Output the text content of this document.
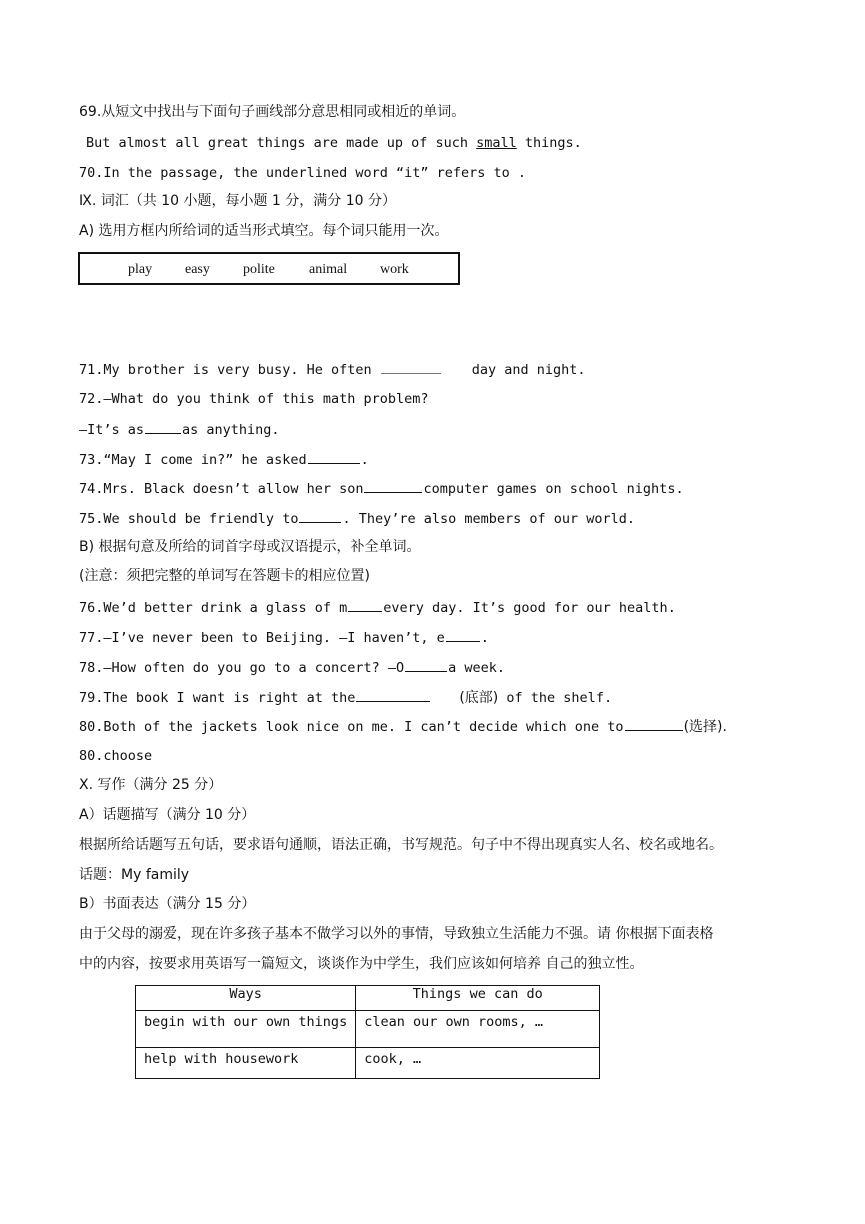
69.从短文中找出与下面句子画线部分意思相同或相近的单词。
But almost all great things are made up of such small things.
70.In the passage, the underlined word “it” refers to .
Ⅸ. 词汇（共 10 小题，每小题 1 分，满分 10 分）
A) 选用方框内所给词的适当形式填空。每个词只能用一次。
play easy polite animal work
71.My brother is very busy. He often	day and night.
72.—What do you think of this math problem?
—It’s as	as anything.
73.“May I come in?” he asked	.
74.Mrs. Black doesn’t allow her son	computer games on school nights.
75.We should be friendly to	. They’re also members of our world.
B) 根据句意及所给的词首字母或汉语提示，补全单词。
(注意：须把完整的单词写在答题卡的相应位置)
76.We’d better drink a glass of m	every day. It’s good for our health.
77.—I’ve never been to Beijing. —I haven’t, e	.
78.—How often do you go to a concert? —O	a week.
79.The book I want is right at the	(底部) of the shelf.
80.Both of the jackets look nice on me. I can’t decide which one to	(选择).
80.choose
Ⅹ. 写作（满分 25 分）
A）话题描写（满分 10 分）
根据所给话题写五句话，要求语句通顺，语法正确，书写规范。句子中不得出现真实人名、校名或地名。
话题：My family
B）书面表达（满分 15 分）
由于父母的溺爱，现在许多孩子基本不做学习以外的事情，导致独立生活能力不强。请 你根据下面表格
中的内容，按要求用英语写一篇短文，谈谈作为中学生，我们应该如何培养 自己的独立性。
Ways	Things we can do
begin with our own things	clean our own rooms, …
help with housework	cook, …
